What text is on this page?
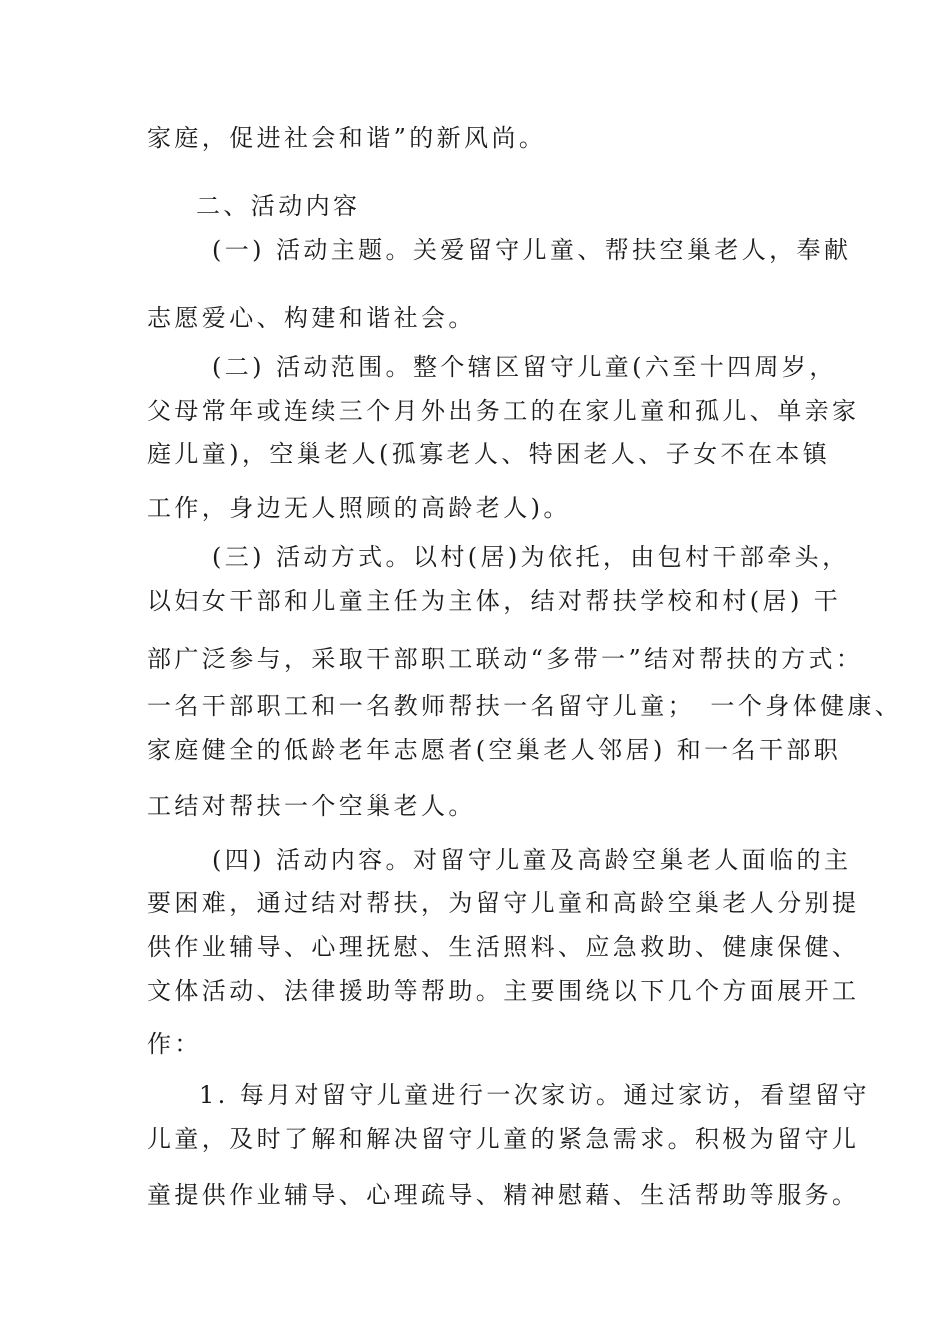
家庭，促进社会和谐”的新风尚。
二、活动内容
(一) 活动主题。关爱留守儿童、帮扶空巢老人，奉献
志愿爱心、构建和谐社会。
(二) 活动范围。整个辖区留守儿童(六至十四周岁，
父母常年或连续三个月外出务工的在家儿童和孤儿、单亲家
庭儿童)，空巢老人(孤寡老人、特困老人、子女不在本镇
工作，身边无人照顾的高龄老人)。
(三) 活动方式。以村(居)为依托，由包村干部牵头，
以妇女干部和儿童主任为主体，结对帮扶学校和村(居) 干
部广泛参与，采取干部职工联动“多带一”结对帮扶的方式：
一名干部职工和一名教师帮扶一名留守儿童；　一个身体健康、
家庭健全的低龄老年志愿者(空巢老人邻居) 和一名干部职
工结对帮扶一个空巢老人。
(四) 活动内容。对留守儿童及高龄空巢老人面临的主
要困难，通过结对帮扶，为留守儿童和高龄空巢老人分别提
供作业辅导、心理抚慰、生活照料、应急救助、健康保健、
文体活动、法律援助等帮助。主要围绕以下几个方面展开工
作：
1. 每月对留守儿童进行一次家访。通过家访，看望留守
儿童，及时了解和解决留守儿童的紧急需求。积极为留守儿
童提供作业辅导、心理疏导、精神慰藉、生活帮助等服务。
